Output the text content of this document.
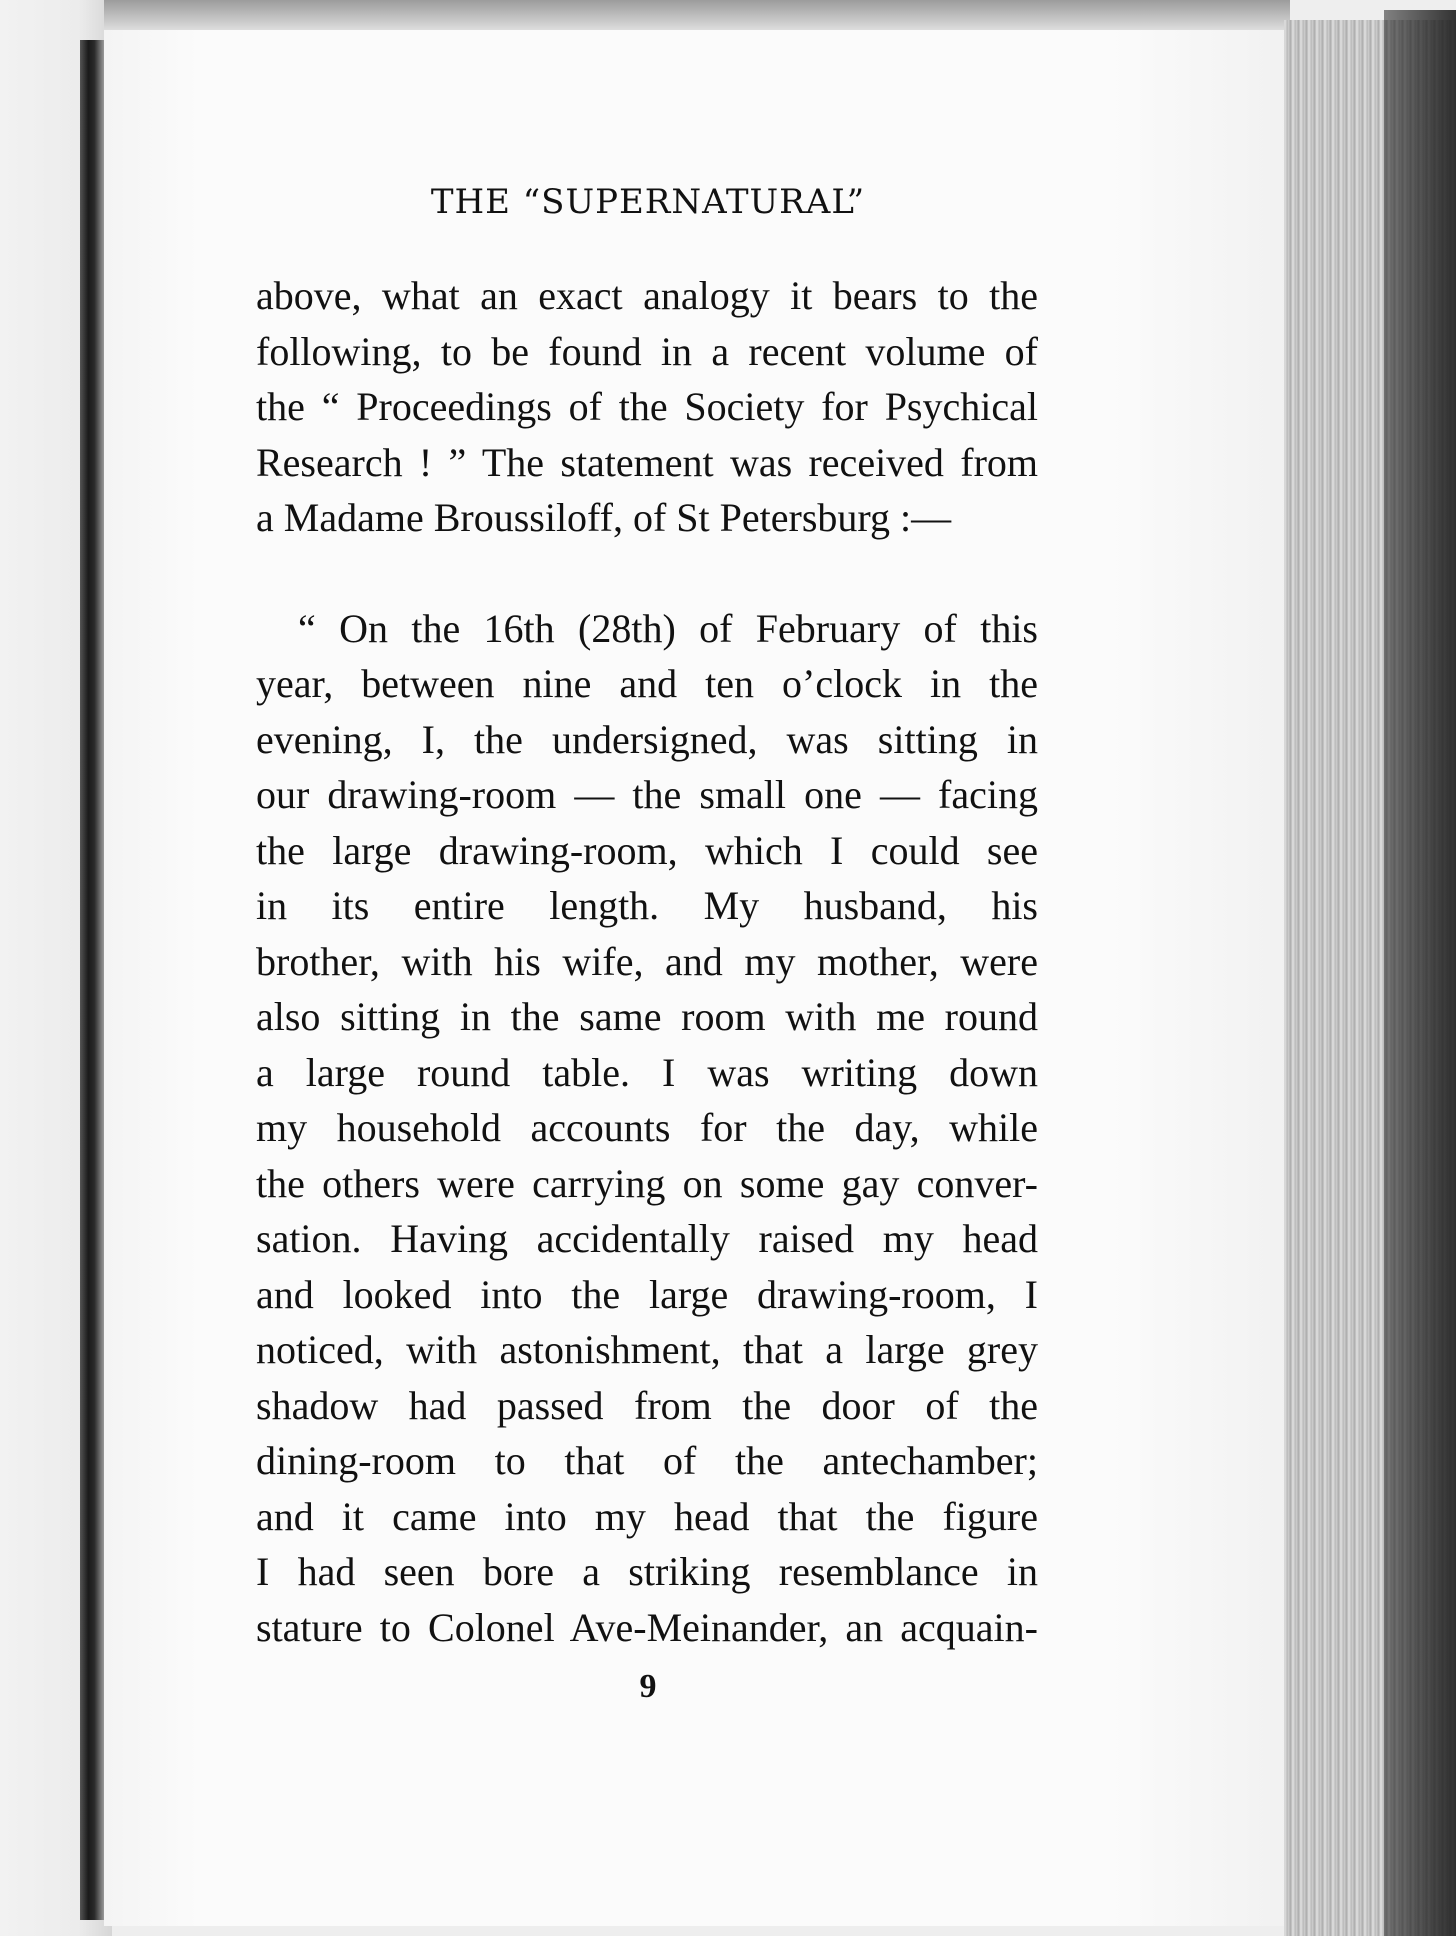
THE “SUPERNATURAL”
above, what an exact analogy it bears to the
following, to be found in a recent volume of
the “ Proceedings of the Society for Psychical
Research ! ” The statement was received from
a Madame Broussiloff, of St Petersburg :—
“ On the 16th (28th) of February of this
year, between nine and ten o’clock in the
evening, I, the undersigned, was sitting in
our drawing-room — the small one — facing
the large drawing-room, which I could see
in its entire length. My husband, his
brother, with his wife, and my mother, were
also sitting in the same room with me round
a large round table. I was writing down
my household accounts for the day, while
the others were carrying on some gay conver-
sation. Having accidentally raised my head
and looked into the large drawing-room, I
noticed, with astonishment, that a large grey
shadow had passed from the door of the
dining-room to that of the antechamber;
and it came into my head that the figure
I had seen bore a striking resemblance in
stature to Colonel Ave-Meinander, an acquain-
9
